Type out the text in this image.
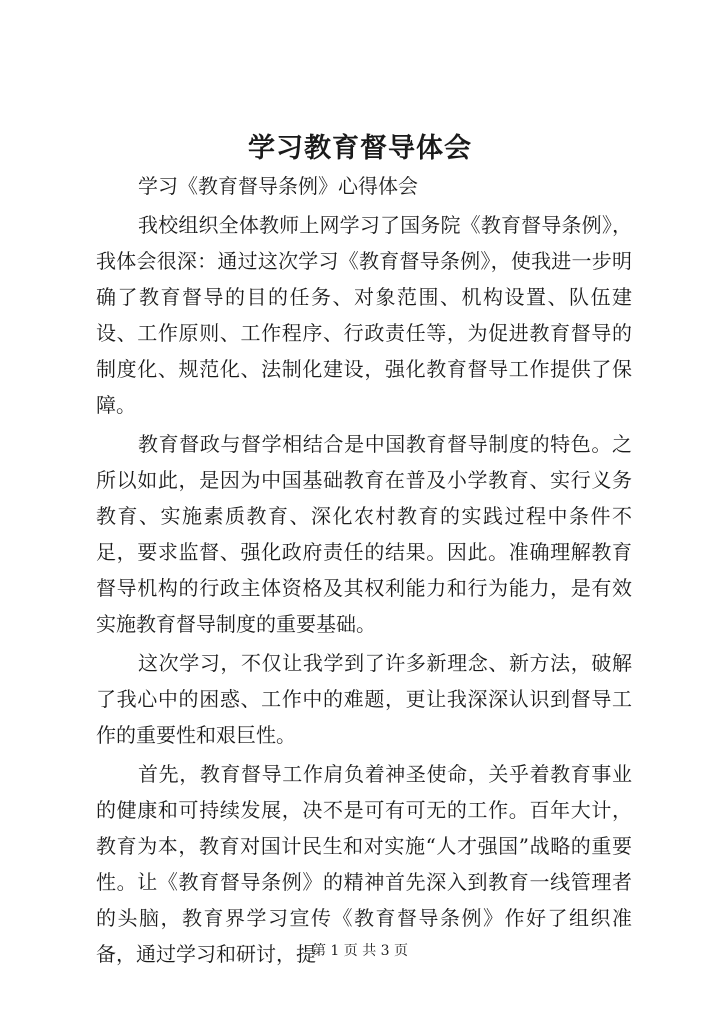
学习教育督导体会

学习《教育督导条例》心得体会

我校组织全体教师上网学习了国务院《教育督导条例》，我体会很深：通过这次学习《教育督导条例》，使我进一步明确了教育督导的目的任务、对象范围、机构设置、队伍建设、工作原则、工作程序、行政责任等，为促进教育督导的制度化、规范化、法制化建设，强化教育督导工作提供了保障。

教育督政与督学相结合是中国教育督导制度的特色。之所以如此，是因为中国基础教育在普及小学教育、实行义务教育、实施素质教育、深化农村教育的实践过程中条件不足，要求监督、强化政府责任的结果。因此。准确理解教育督导机构的行政主体资格及其权利能力和行为能力，是有效实施教育督导制度的重要基础。

这次学习，不仅让我学到了许多新理念、新方法，破解了我心中的困惑、工作中的难题，更让我深深认识到督导工作的重要性和艰巨性。

首先，教育督导工作肩负着神圣使命，关乎着教育事业的健康和可持续发展，决不是可有可无的工作。百年大计，教育为本，教育对国计民生和对实施“人才强国”战略的重要性。让《教育督导条例》的精神首先深入到教育一线管理者的头脑，教育界学习宣传《教育督导条例》作好了组织准备，通过学习和研讨，提

第 1 页 共 3 页
